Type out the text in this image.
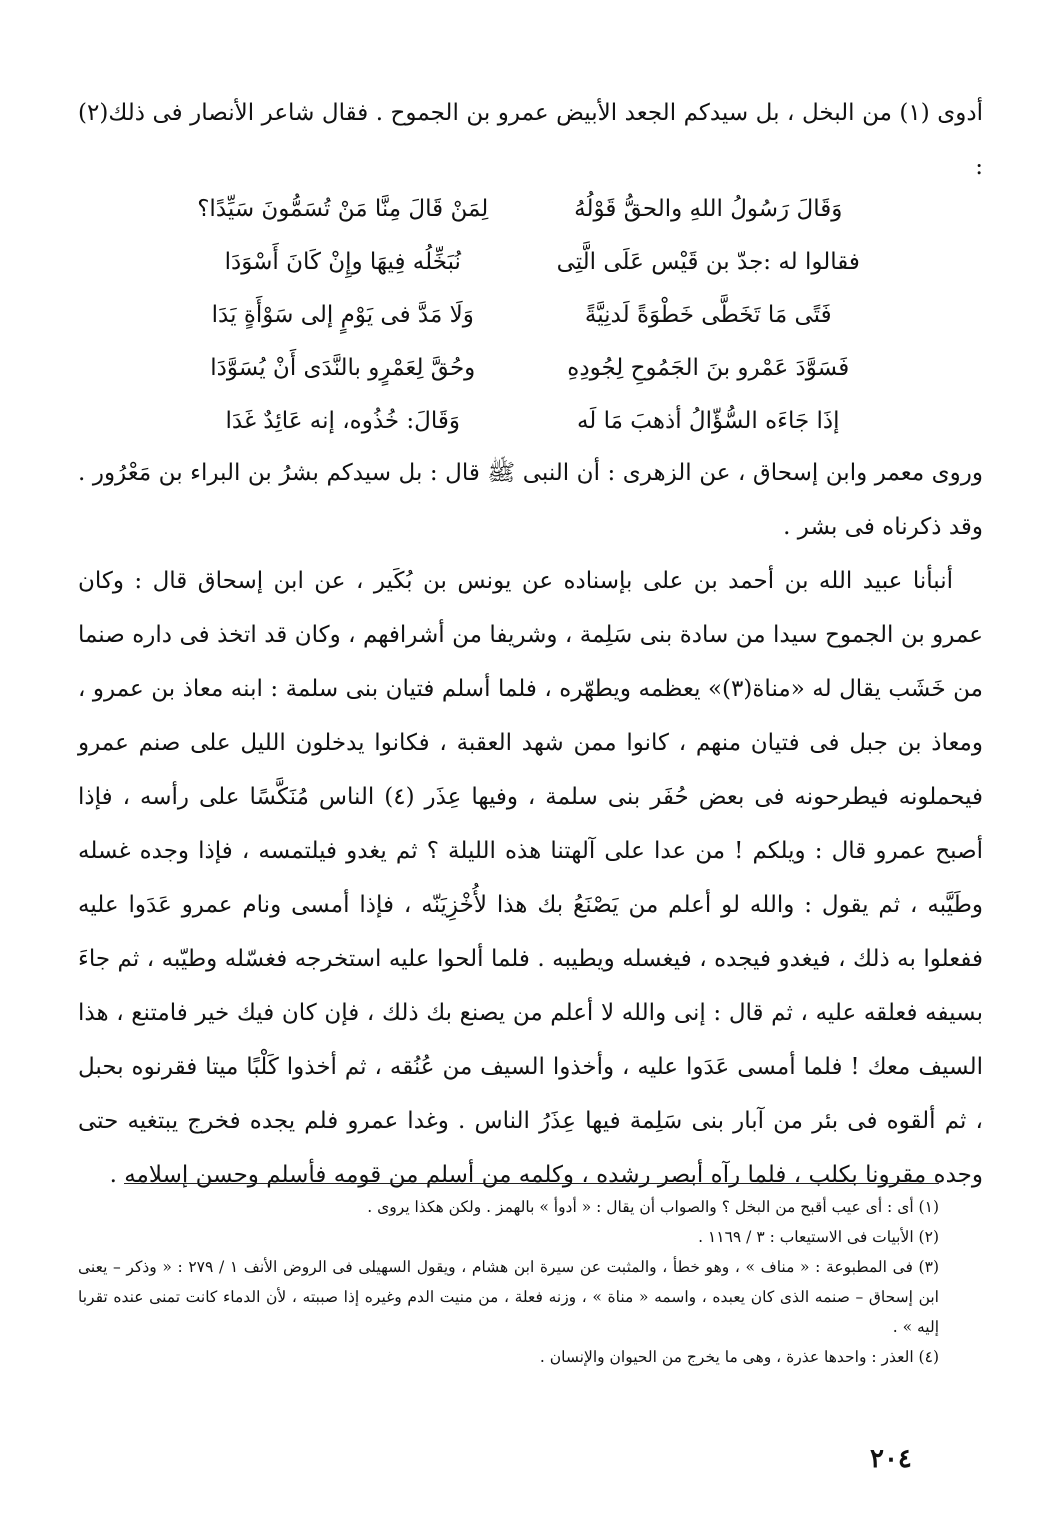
أدوى (١) من البخل ، بل سيدكم الجعد الأبيض عمرو بن الجموح . فقال شاعر الأنصار فى ذلك(٢) :
وَقَالَ رَسُولُ اللهِ والحقُّ قَوْلُهُ
لِمَنْ قَالَ مِنَّا مَنْ تُسَمُّونَ سَيِّدًا؟
فقالوا له :جدّ بن قَيْس عَلَى الَّتِى
نُبَخِّلُه فِيهَا وإِنْ كَانَ أَسْوَدَا
فَتًى مَا تَخَطَّى خَطْوَةً لَدنِيَّةً
وَلَا مَدَّ فى يَوْمٍ إلى سَوْأَةٍ يَدَا
فَسَوَّدَ عَمْرو بنَ الجَمُوحِ لِجُودِهِ
وحُقَّ لِعَمْرٍو بالنَّدَى أَنْ يُسَوَّدَا
إذَا جَاءَه السُّؤّالُ أذهبَ مَا لَه
وَقَالَ: خُذُوه، إنه عَائِدٌ غَدَا

وروى معمر وابن إسحاق ، عن الزهرى : أن النبى ﷺ قال : بل سيدكم بشرُ بن البراء بن مَعْرُور . وقد ذكرناه فى بشر .

أنبأنا عبيد الله بن أحمد بن على بإسناده عن يونس بن بُكَير ، عن ابن إسحاق قال : وكان عمرو بن الجموح سيدا من سادة بنى سَلِمة ، وشريفا من أشرافهم ، وكان قد اتخذ فى داره صنما من خَشَب يقال له «مناة(٣)» يعظمه ويطهّره ، فلما أسلم فتيان بنى سلمة : ابنه معاذ بن عمرو ، ومعاذ بن جبل فى فتيان منهم ، كانوا ممن شهد العقبة ، فكانوا يدخلون الليل على صنم عمرو فيحملونه فيطرحونه فى بعض حُفَر بنى سلمة ، وفيها عِذَر (٤) الناس مُنَكَّسًا على رأسه ، فإذا أصبح عمرو قال : ويلكم ! من عدا على آلهتنا هذه الليلة ؟ ثم يغدو فيلتمسه ، فإذا وجده غسله وطَيَّبه ، ثم يقول : والله لو أعلم من يَصْنَعُ بك هذا لأُخْزِيَنّه ، فإذا أمسى ونام عمرو عَدَوا عليه ففعلوا به ذلك ، فيغدو فيجده ، فيغسله ويطيبه . فلما ألحوا عليه استخرجه فغسّله وطيّبه ، ثم جاءَ بسيفه فعلقه عليه ، ثم قال : إنى والله لا أعلم من يصنع بك ذلك ، فإن كان فيك خير فامتنع ، هذا السيف معك ! فلما أمسى عَدَوا عليه ، وأخذوا السيف من عُنُقه ، ثم أخذوا كَلْبًا ميتا فقرنوه بحبل ، ثم ألقوه فى بئر من آبار بنى سَلِمة فيها عِذَرُ الناس . وغدا عمرو فلم يجده فخرج يبتغيه حتى وجده مقرونا بكلب ، فلما رآه أبصر رشده ، وكلمه من أسلم من قومه فأسلم وحسن إسلامه .

(١) أى : أى عيب أقبح من البخل ؟ والصواب أن يقال : « أدوأ » بالهمز . ولكن هكذا يروى .

(٢) الأبيات فى الاستيعاب : ٣ / ١١٦٩ .

(٣) فى المطبوعة : « مناف » ، وهو خطأ ، والمثبت عن سيرة ابن هشام ، ويقول السهيلى فى الروض الأنف ١ / ٢٧٩ : « وذكر – يعنى ابن إسحاق – صنمه الذى كان يعبده ، واسمه « مناة » ، وزنه فعلة ، من منيت الدم وغيره إذا صببته ، لأن الدماء كانت تمنى عنده تقربا إليه » .

(٤) العذر : واحدها عذرة ، وهى ما يخرج من الحيوان والإنسان .

٢٠٤
